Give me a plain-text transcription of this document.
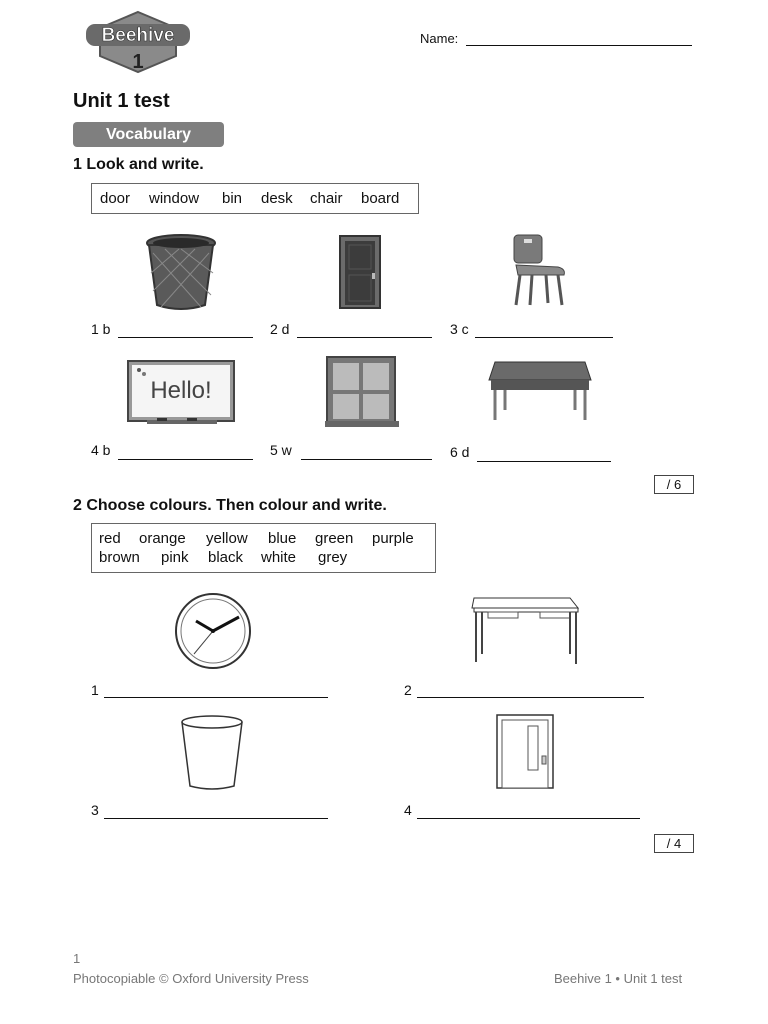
Beehive
1
Name:
Unit 1 test
Vocabulary
1 Look and write.
door window bin desk chair board
1 b	2 d	3 c
Hello!
4 b	5 w	6 d
/ 6
2 Choose colours. Then colour and write.
red orange yellow blue green purple
brown pink black white grey
1	2
3	4
/ 4
1
Photocopiable © Oxford University Press	Beehive 1 • Unit 1 test
